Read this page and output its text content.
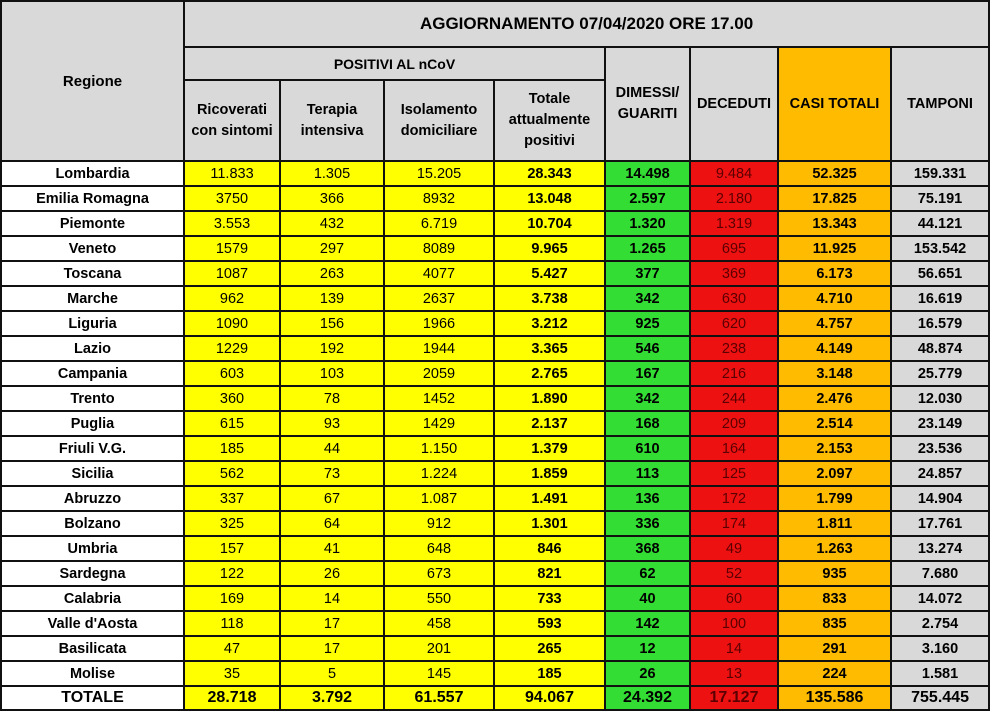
Regione	AGGIORNAMENTO 07/04/2020 ORE 17.00							
	POSITIVI AL nCoV				DIMESSI/ GUARITI	DECEDUTI	CASI TOTALI	TAMPONI
	Ricoverati con sintomi	Terapia intensiva	Isolamento domiciliare	Totale attualmente positivi				
Lombardia	11.833	1.305	15.205	28.343	14.498	9.484	52.325	159.331
Emilia Romagna	3750	366	8932	13.048	2.597	2.180	17.825	75.191
Piemonte	3.553	432	6.719	10.704	1.320	1.319	13.343	44.121
Veneto	1579	297	8089	9.965	1.265	695	11.925	153.542
Toscana	1087	263	4077	5.427	377	369	6.173	56.651
Marche	962	139	2637	3.738	342	630	4.710	16.619
Liguria	1090	156	1966	3.212	925	620	4.757	16.579
Lazio	1229	192	1944	3.365	546	238	4.149	48.874
Campania	603	103	2059	2.765	167	216	3.148	25.779
Trento	360	78	1452	1.890	342	244	2.476	12.030
Puglia	615	93	1429	2.137	168	209	2.514	23.149
Friuli V.G.	185	44	1.150	1.379	610	164	2.153	23.536
Sicilia	562	73	1.224	1.859	113	125	2.097	24.857
Abruzzo	337	67	1.087	1.491	136	172	1.799	14.904
Bolzano	325	64	912	1.301	336	174	1.811	17.761
Umbria	157	41	648	846	368	49	1.263	13.274
Sardegna	122	26	673	821	62	52	935	7.680
Calabria	169	14	550	733	40	60	833	14.072
Valle d'Aosta	118	17	458	593	142	100	835	2.754
Basilicata	47	17	201	265	12	14	291	3.160
Molise	35	5	145	185	26	13	224	1.581
TOTALE	28.718	3.792	61.557	94.067	24.392	17.127	135.586	755.445
